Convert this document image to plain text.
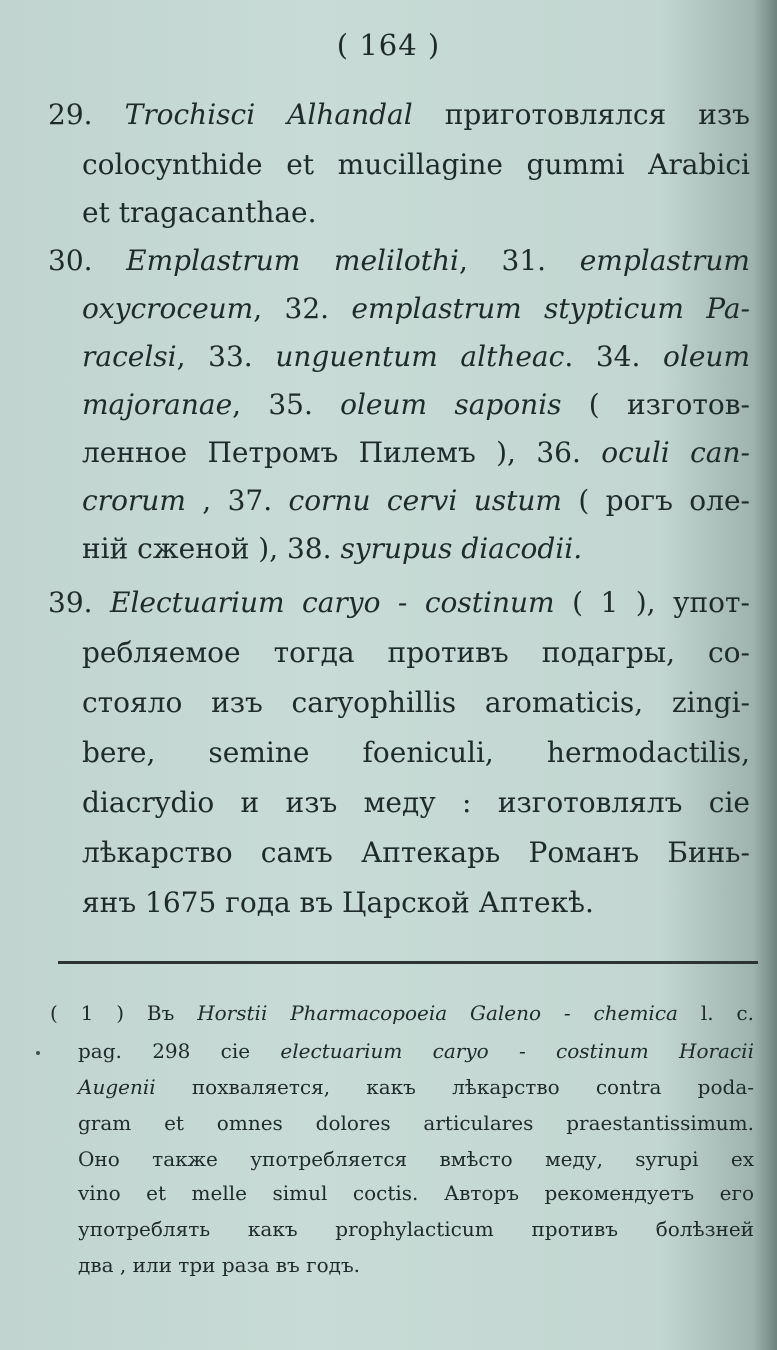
( 164 )
29. Trochisci Alhandal приготовлялся изъ
colocynthide et mucillagine gummi Arabici
et tragacanthae.
30. Emplastrum melilothi, 31. emplastrum
oxycroceum, 32. emplastrum stypticum Pa-
racelsi, 33. unguentum altheac. 34. oleum
majoranae, 35. oleum saponis ( изготов-
ленное Петромъ Пилемъ ), 36. oculi can-
crorum , 37. cornu cervi ustum ( рогъ оле-
ній сженой ), 38. syrupus diacodii.
39. Electuarium caryo - costinum ( 1 ), упот-
ребляемое тогда противъ подагры, со-
стояло изъ caryophillis aromaticis, zingi-
bere, semine foeniculi, hermodactilis,
diacrydio и изъ меду : изготовлялъ сіе
лѣкарство самъ Аптекарь Романъ Бинь-
янъ 1675 года въ Царской Аптекѣ.
( 1 ) Въ Horstii Pharmacopoeia Galeno - chemica l. c.
pag. 298 сіе electuarium caryo - costinum Horacii
Augenii похваляется, какъ лѣкарство contra poda-
gram et omnes dolores articulares praestantissimum.
Оно также употребляется вмѣсто меду, syrupi ex
vino et melle simul coctis. Авторъ рекомендуетъ его
употреблять какъ prophylacticum противъ болѣзней
два , или три раза въ годъ.
